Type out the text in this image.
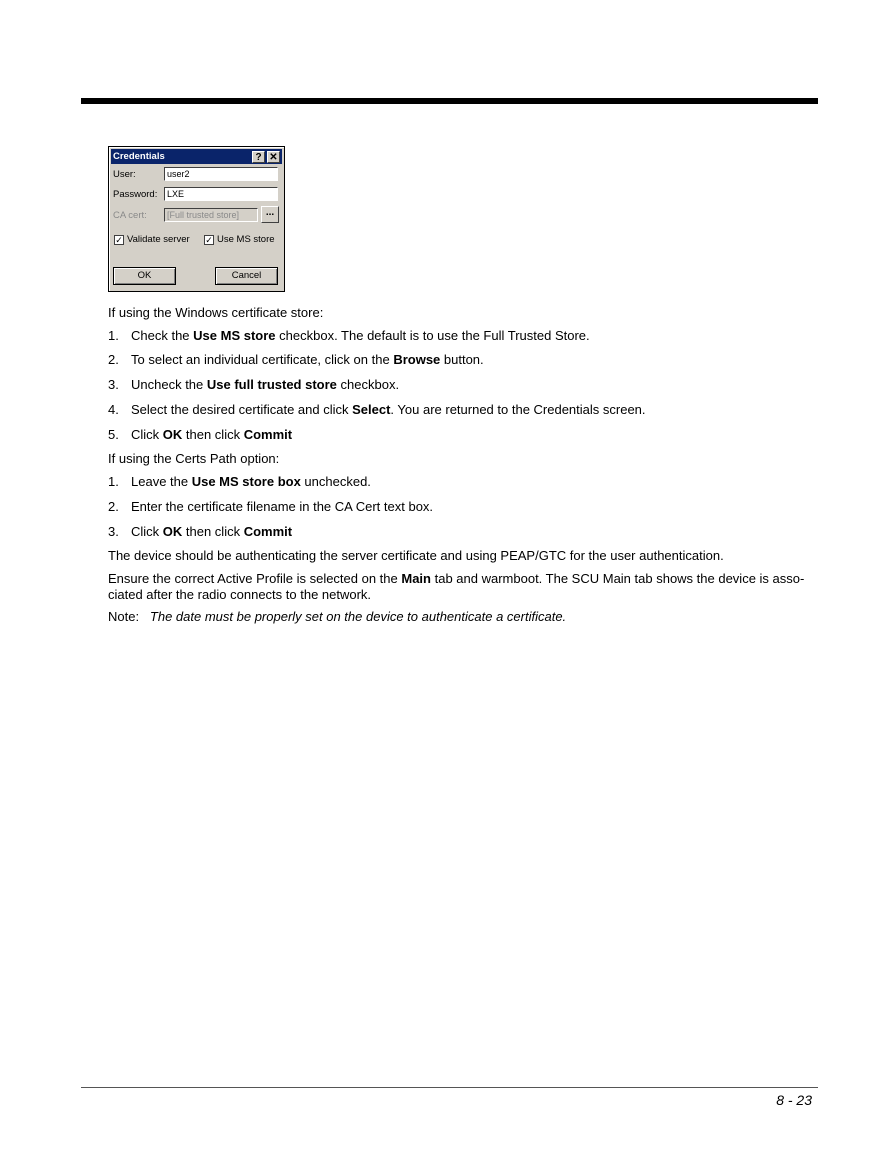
Credentials	? ✕
User:	user2
Password:	LXE
CA cert:	[Full trusted store]	...
✓ Validate server ✓ Use MS store
OK	Cancel
If using the Windows certificate store:
1. Check the Use MS store checkbox. The default is to use the Full Trusted Store.
2. To select an individual certificate, click on the Browse button.
3. Uncheck the Use full trusted store checkbox.
4. Select the desired certificate and click Select. You are returned to the Credentials screen.
5. Click OK then click Commit
If using the Certs Path option:
1. Leave the Use MS store box unchecked.
2. Enter the certificate filename in the CA Cert text box.
3. Click OK then click Commit
The device should be authenticating the server certificate and using PEAP/GTC for the user authentication.
Ensure the correct Active Profile is selected on the Main tab and warmboot. The SCU Main tab shows the device is asso-ciated after the radio connects to the network.
Note: The date must be properly set on the device to authenticate a certificate.
8 - 23
